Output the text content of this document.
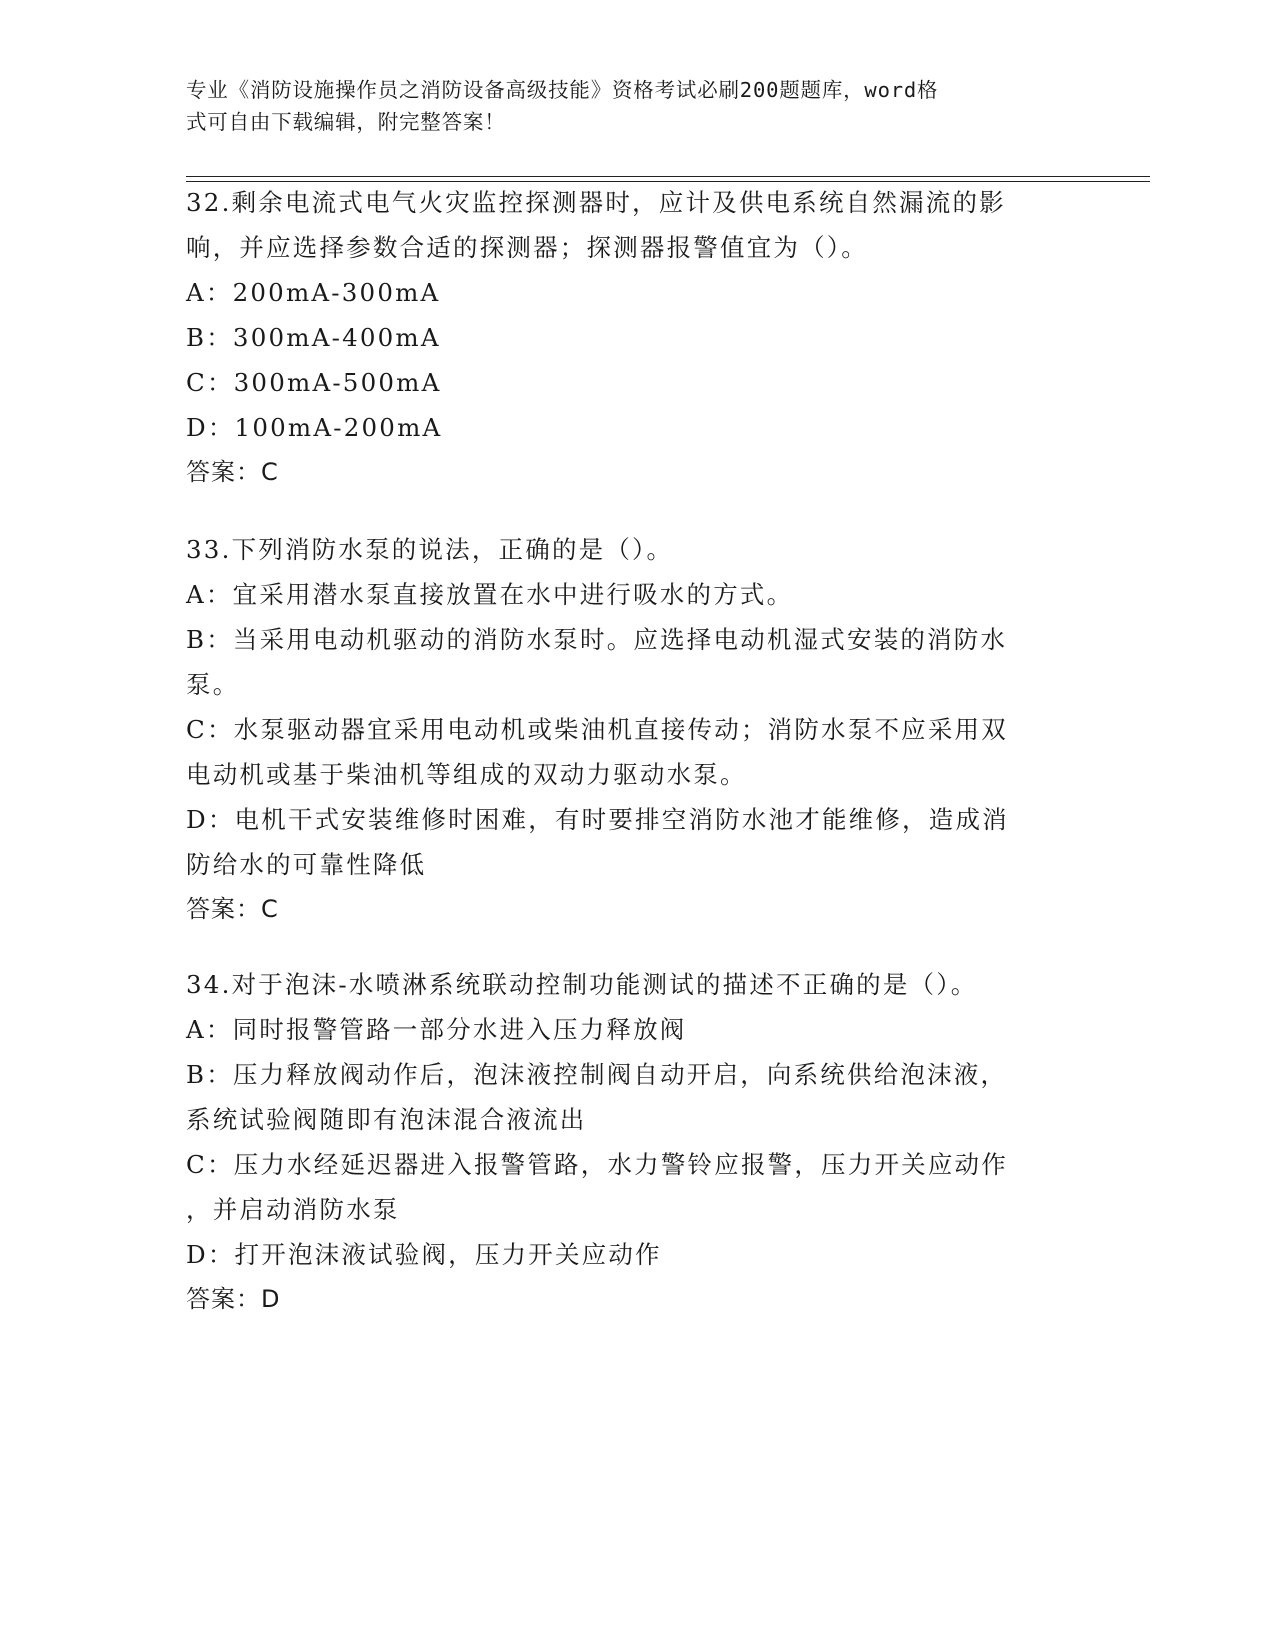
专业《消防设施操作员之消防设备高级技能》资格考试必刷200题题库，word格
式可自由下载编辑，附完整答案！
32.剩余电流式电气火灾监控探测器时，应计及供电系统自然漏流的影
响，并应选择参数合适的探测器；探测器报警值宜为（）。
A：200mA-300mA
B：300mA-400mA
C：300mA-500mA
D：100mA-200mA
答案：C
33.下列消防水泵的说法，正确的是（）。
A：宜采用潜水泵直接放置在水中进行吸水的方式。
B：当采用电动机驱动的消防水泵时。应选择电动机湿式安装的消防水
泵。
C：水泵驱动器宜采用电动机或柴油机直接传动；消防水泵不应采用双
电动机或基于柴油机等组成的双动力驱动水泵。
D：电机干式安装维修时困难，有时要排空消防水池才能维修，造成消
防给水的可靠性降低
答案：C
34.对于泡沫-水喷淋系统联动控制功能测试的描述不正确的是（）。
A：同时报警管路一部分水进入压力释放阀
B：压力释放阀动作后，泡沫液控制阀自动开启，向系统供给泡沫液，
系统试验阀随即有泡沫混合液流出
C：压力水经延迟器进入报警管路，水力警铃应报警，压力开关应动作
，并启动消防水泵
D：打开泡沫液试验阀，压力开关应动作
答案：D
